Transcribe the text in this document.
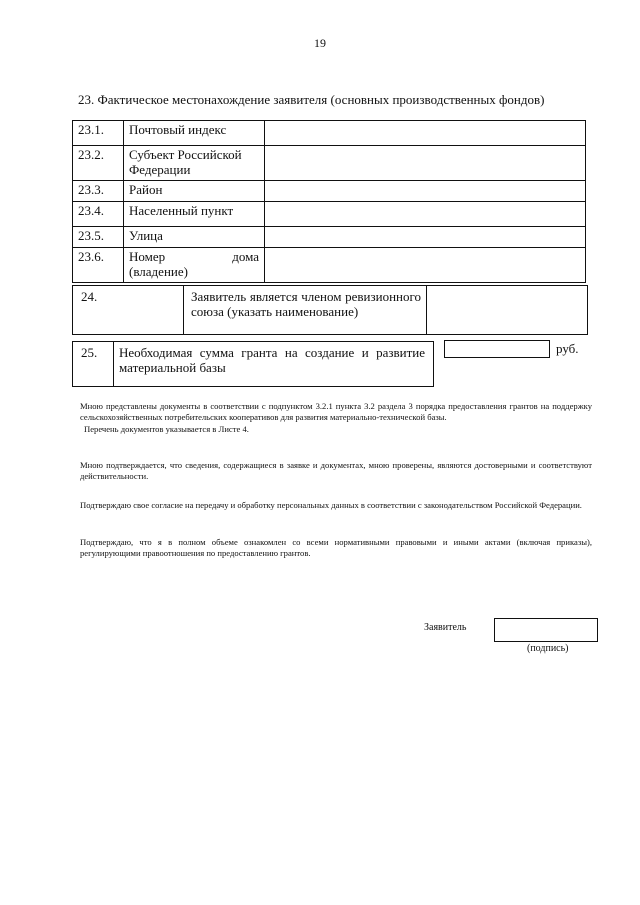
19
23. Фактическое местонахождение заявителя (основных производственных фондов)
23.1.	Почтовый индекс	
23.2.	Субъект Российской Федерации	
23.3.	Район	
23.4.	Населенный пункт	
23.5.	Улица	
23.6.	Номер дома
(владение)	
24.	Заявитель является членом ревизионного союза (указать наименование)
25. Необходимая сумма гранта на создание и развитие материальной базы
руб.
Мною представлены документы в соответствии с подпунктом 3.2.1 пункта 3.2 раздела 3 порядка предоставления грантов на поддержку сельскохозяйственных потребительских кооперативов для развития материально-технической базы.
Перечень документов указывается в Листе 4.
Мною подтверждается, что сведения, содержащиеся в заявке и документах, мною проверены, являются достоверными и соответствуют действительности.
Подтверждаю свое согласие на передачу и обработку персональных данных в соответствии с законодательством Российской Федерации.
Подтверждаю, что я в полном объеме ознакомлен со всеми нормативными правовыми и иными актами (включая приказы), регулирующими правоотношения по предоставлению грантов.
Заявитель
(подпись)
